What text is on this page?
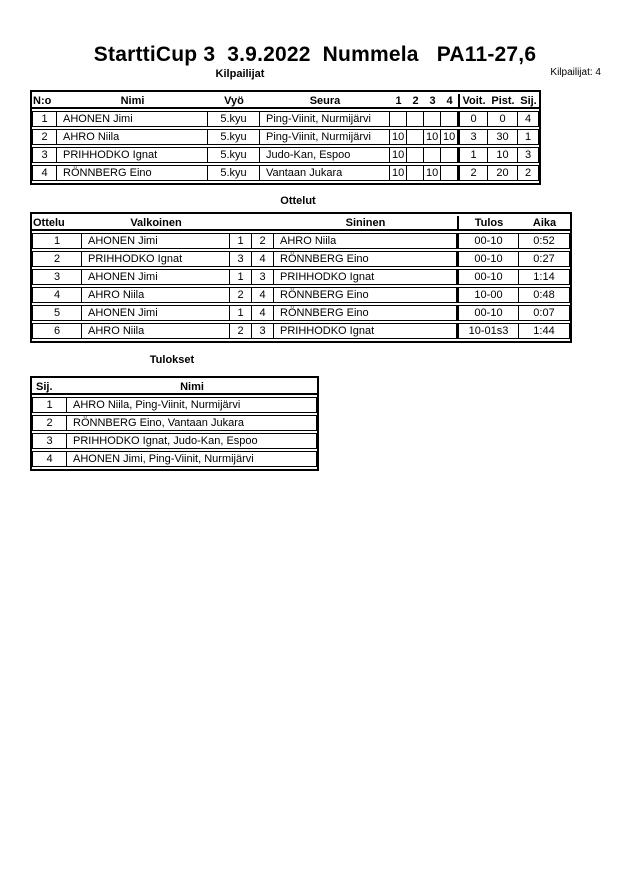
StarttiCup 3  3.9.2022  Nummela   PA11-27,6
Kilpailijat	Kilpailijat: 4
N:o	Nimi	Vyö	Seura	1	2	3	4	Voit.	Pist.	Sij.
1	AHONEN Jimi	5.kyu	Ping-Viinit, Nurmijärvi					0	0	4
2	AHRO Niila	5.kyu	Ping-Viinit, Nurmijärvi	10		10	10	3	30	1
3	PRIHHODKO Ignat	5.kyu	Judo-Kan, Espoo	10				1	10	3
4	RÖNNBERG Eino	5.kyu	Vantaan Jukara	10		10		2	20	2
Ottelut
Ottelu	Valkoinen			Sininen	Tulos	Aika
1	AHONEN Jimi	1	2	AHRO Niila	00-10	0:52
2	PRIHHODKO Ignat	3	4	RÖNNBERG Eino	00-10	0:27
3	AHONEN Jimi	1	3	PRIHHODKO Ignat	00-10	1:14
4	AHRO Niila	2	4	RÖNNBERG Eino	10-00	0:48
5	AHONEN Jimi	1	4	RÖNNBERG Eino	00-10	0:07
6	AHRO Niila	2	3	PRIHHODKO Ignat	10-01s3	1:44
Tulokset
Sij.	Nimi
1	AHRO Niila, Ping-Viinit, Nurmijärvi
2	RÖNNBERG Eino, Vantaan Jukara
3	PRIHHODKO Ignat, Judo-Kan, Espoo
4	AHONEN Jimi, Ping-Viinit, Nurmijärvi
